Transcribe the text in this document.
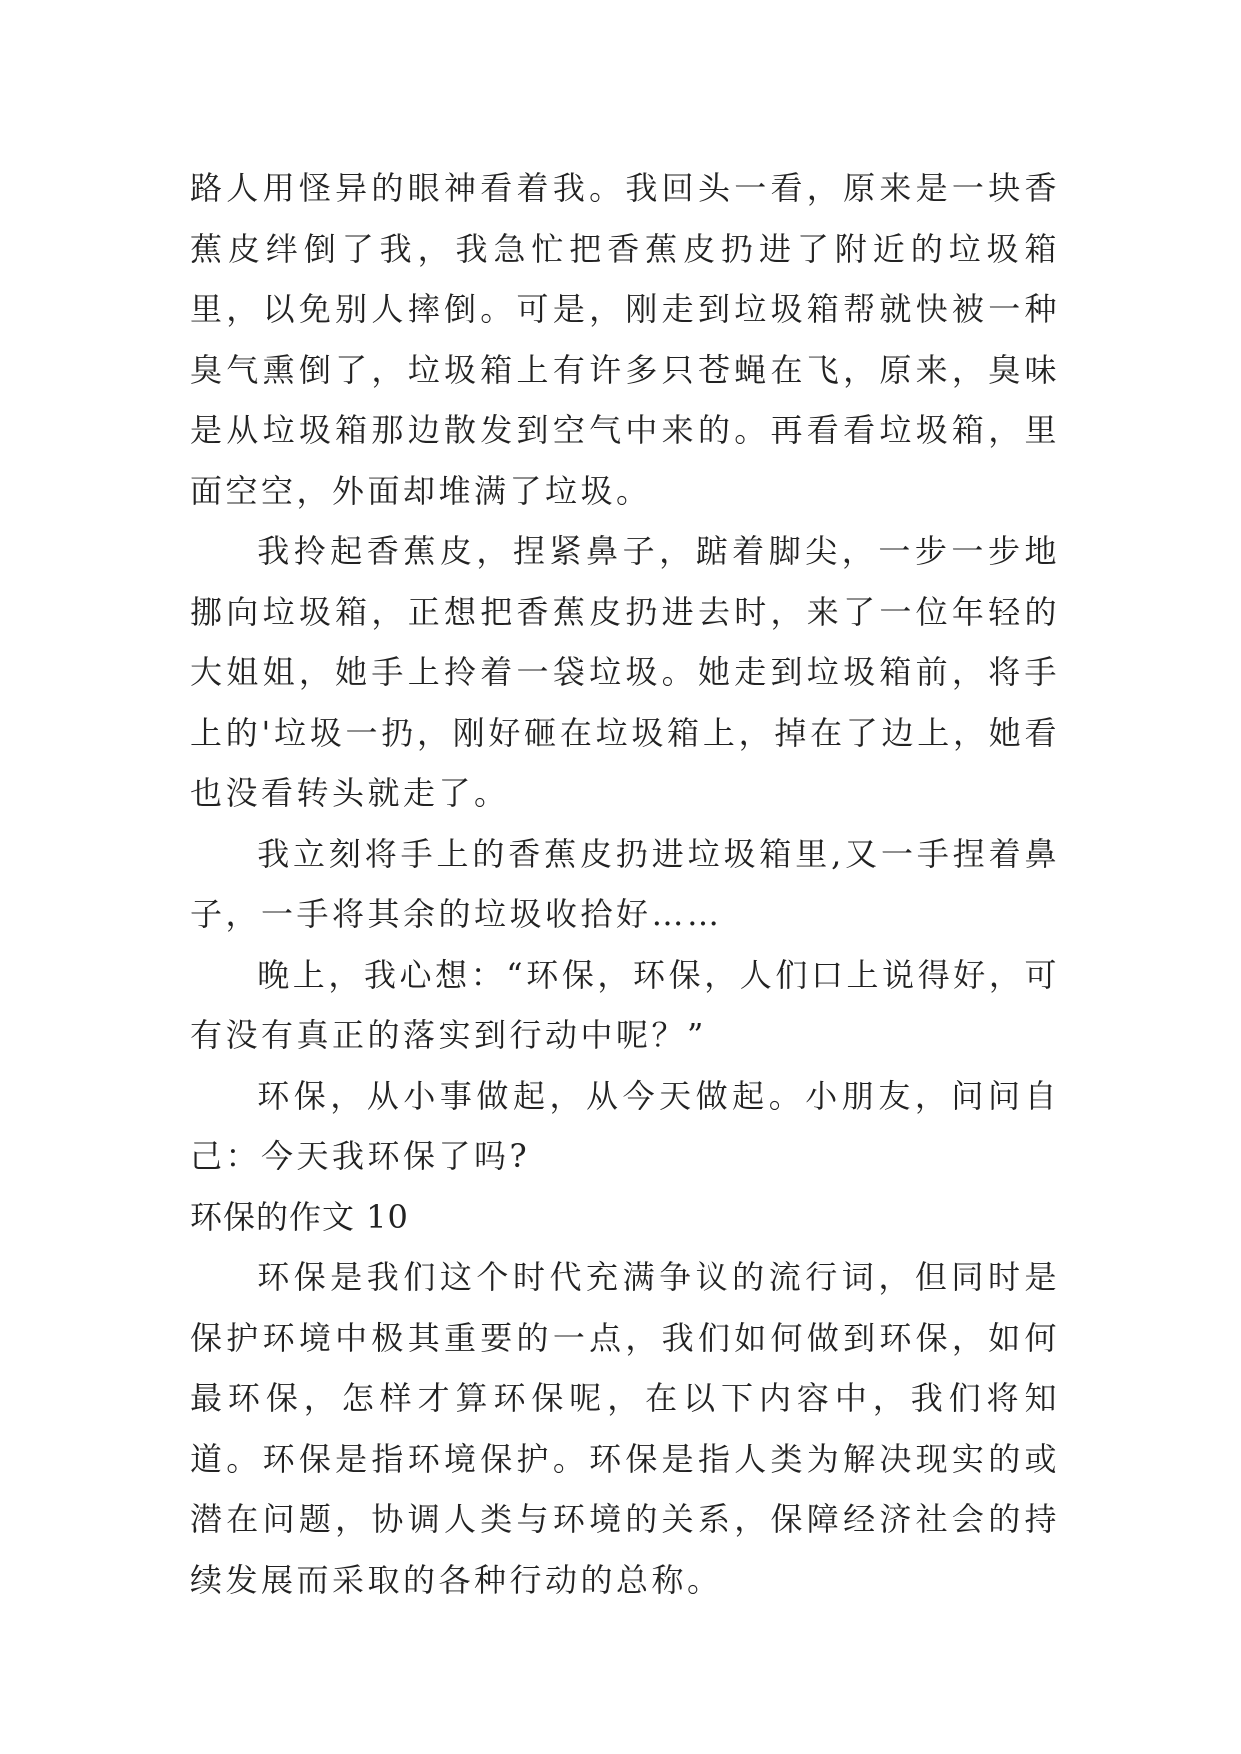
路人用怪异的眼神看着我。我回头一看，原来是一块香蕉皮绊倒了我，我急忙把香蕉皮扔进了附近的垃圾箱里，以免别人摔倒。可是，刚走到垃圾箱帮就快被一种臭气熏倒了，垃圾箱上有许多只苍蝇在飞，原来，臭味是从垃圾箱那边散发到空气中来的。再看看垃圾箱，里面空空，外面却堆满了垃圾。

我拎起香蕉皮，捏紧鼻子，踮着脚尖，一步一步地挪向垃圾箱，正想把香蕉皮扔进去时，来了一位年轻的大姐姐，她手上拎着一袋垃圾。她走到垃圾箱前，将手上的'垃圾一扔，刚好砸在垃圾箱上，掉在了边上，她看也没看转头就走了。

我立刻将手上的香蕉皮扔进垃圾箱里,又一手捏着鼻子，一手将其余的垃圾收拾好……

晚上，我心想：“环保，环保，人们口上说得好，可有没有真正的落实到行动中呢？”

环保，从小事做起，从今天做起。小朋友，问问自己：今天我环保了吗?

环保的作文 10

环保是我们这个时代充满争议的流行词，但同时是保护环境中极其重要的一点，我们如何做到环保，如何最环保，怎样才算环保呢，在以下内容中，我们将知道。环保是指环境保护。环保是指人类为解决现实的或潜在问题，协调人类与环境的关系，保障经济社会的持续发展而采取的各种行动的总称。
